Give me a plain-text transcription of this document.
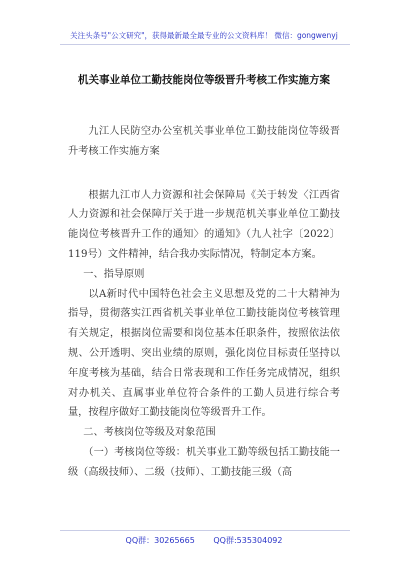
关注头条号"公文研究"，获得最新最全最专业的公文资料库！ 微信：gongwenyj
机关事业单位工勤技能岗位等级晋升考核工作实施方案

九江人民防空办公室机关事业单位工勤技能岗位等级晋升考核工作实施方案

根据九江市人力资源和社会保障局《关于转发〈江西省人力资源和社会保障厅关于进一步规范机关事业单位工勤技能岗位考核晋升工作的通知〉的通知》（九人社字〔2022〕119号）文件精神，结合我办实际情况，特制定本方案。

一、指导原则

以A新时代中国特色社会主义思想及党的二十大精神为指导，贯彻落实江西省机关事业单位工勤技能岗位考核管理有关规定，根据岗位需要和岗位基本任职条件，按照依法依规、公开透明、突出业绩的原则，强化岗位目标责任坚持以年度考核为基础，结合日常表现和工作任务完成情况，组织对办机关、直属事业单位符合条件的工勤人员进行综合考量，按程序做好工勤技能岗位等级晋升工作。

二、考核岗位等级及对象范围

（一）考核岗位等级：机关事业工勤等级包括工勤技能一级（高级技师）、二级（技师）、工勤技能三级（高

QQ群：30265665 QQ群:535304092
